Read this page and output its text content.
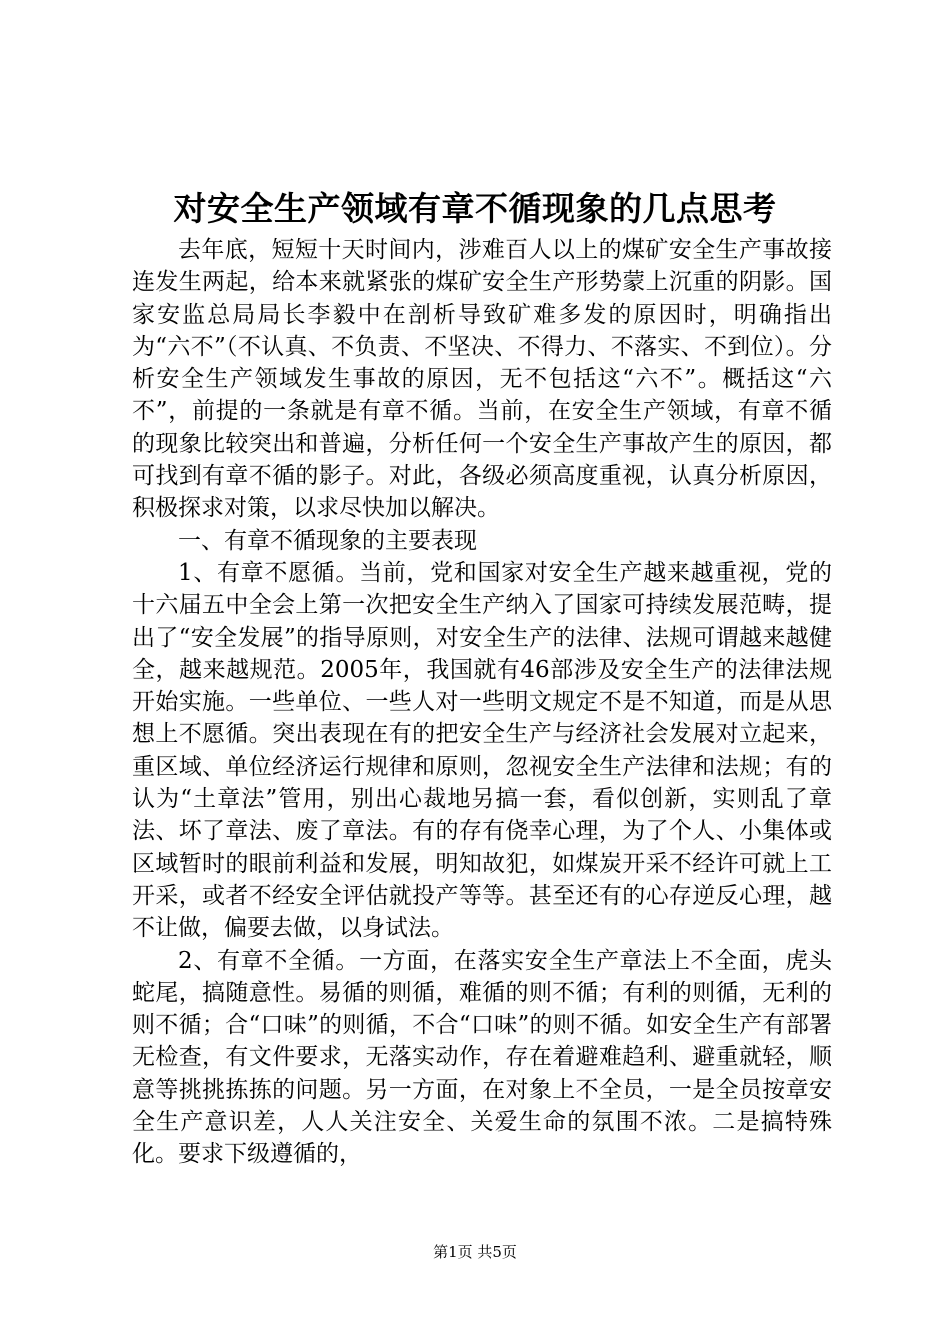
对安全生产领域有章不循现象的几点思考

去年底，短短十天时间内，涉难百人以上的煤矿安全生产事故接连发生两起，给本来就紧张的煤矿安全生产形势蒙上沉重的阴影。国家安监总局局长李毅中在剖析导致矿难多发的原因时，明确指出为“六不”（不认真、不负责、不坚决、不得力、不落实、不到位）。分析安全生产领域发生事故的原因，无不包括这“六不”。概括这“六不”，前提的一条就是有章不循。当前，在安全生产领域，有章不循的现象比较突出和普遍，分析任何一个安全生产事故产生的原因，都可找到有章不循的影子。对此，各级必须高度重视，认真分析原因，积极探求对策，以求尽快加以解决。

一、有章不循现象的主要表现

1、有章不愿循。当前，党和国家对安全生产越来越重视，党的十六届五中全会上第一次把安全生产纳入了国家可持续发展范畴，提出了“安全发展”的指导原则，对安全生产的法律、法规可谓越来越健全，越来越规范。2005年，我国就有46部涉及安全生产的法律法规开始实施。一些单位、一些人对一些明文规定不是不知道，而是从思想上不愿循。突出表现在有的把安全生产与经济社会发展对立起来，重区域、单位经济运行规律和原则，忽视安全生产法律和法规；有的认为“土章法”管用，别出心裁地另搞一套，看似创新，实则乱了章法、坏了章法、废了章法。有的存有侥幸心理，为了个人、小集体或区域暂时的眼前利益和发展，明知故犯，如煤炭开采不经许可就上工开采，或者不经安全评估就投产等等。甚至还有的心存逆反心理，越不让做，偏要去做，以身试法。

2、有章不全循。一方面，在落实安全生产章法上不全面，虎头蛇尾，搞随意性。易循的则循，难循的则不循；有利的则循，无利的则不循；合“口味”的则循，不合“口味”的则不循。如安全生产有部署无检查，有文件要求，无落实动作，存在着避难趋利、避重就轻，顺意等挑挑拣拣的问题。另一方面，在对象上不全员，一是全员按章安全生产意识差，人人关注安全、关爱生命的氛围不浓。二是搞特殊化。要求下级遵循的，

第1页 共5页
